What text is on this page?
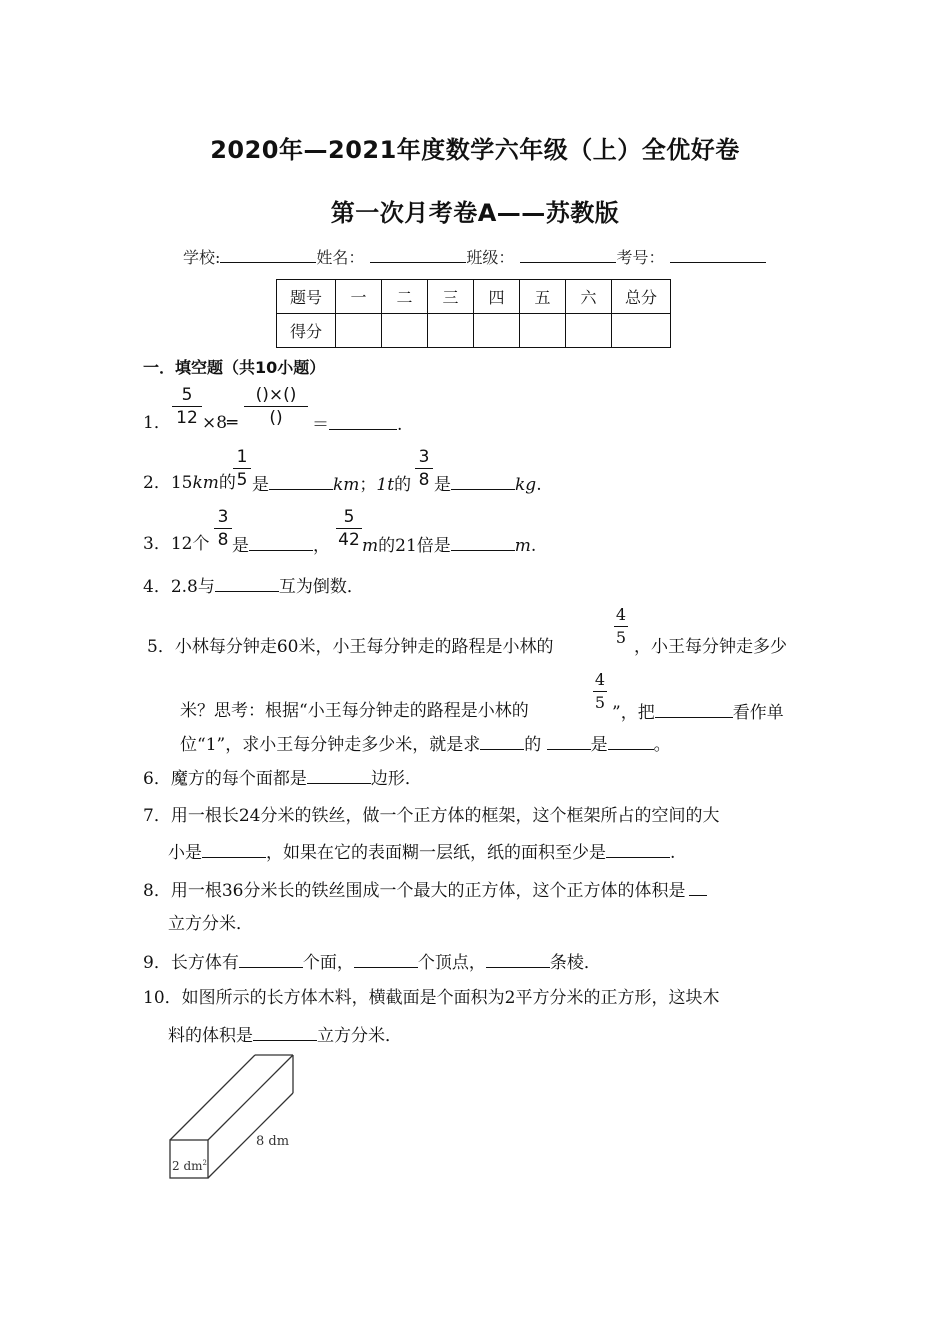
2020年—2021年度数学六年级（上）全优好卷
第一次月考卷A——苏教版
学校:	姓名：	班级：	考号：
题号	一	二	三	四	五	六	总分
得分							
一．填空题（共10小题）
5
12
()×()
()
1． ×8═	＝	.
1
5
3
8
2．15km的 是	km；1t的 是	kg.
3
8
5
42
3．12个 是	， m的21倍是	m.
4．2.8与	互为倒数．
4
5
5．小林每分钟走60米，小王每分钟走的路程是小林的	，小王每分钟走多少
4
5
米？思考：根据“小王每分钟走的路程是小林的	”，把	看作单
位“1”，求小王每分钟走多少米，就是求	的	是	。
6．魔方的每个面都是	边形．
7．用一根长24分米的铁丝，做一个正方体的框架，这个框架所占的空间的大
小是	，如果在它的表面糊一层纸，纸的面积至少是	.
8．用一根36分米长的铁丝围成一个最大的正方体，这个正方体的体积是
立方分米．
9．长方体有	个面，	个顶点，	条棱．
10．如图所示的长方体木料，横截面是个面积为2平方分米的正方形，这块木
料的体积是	立方分米．
8 dm
2 $dm^2$
